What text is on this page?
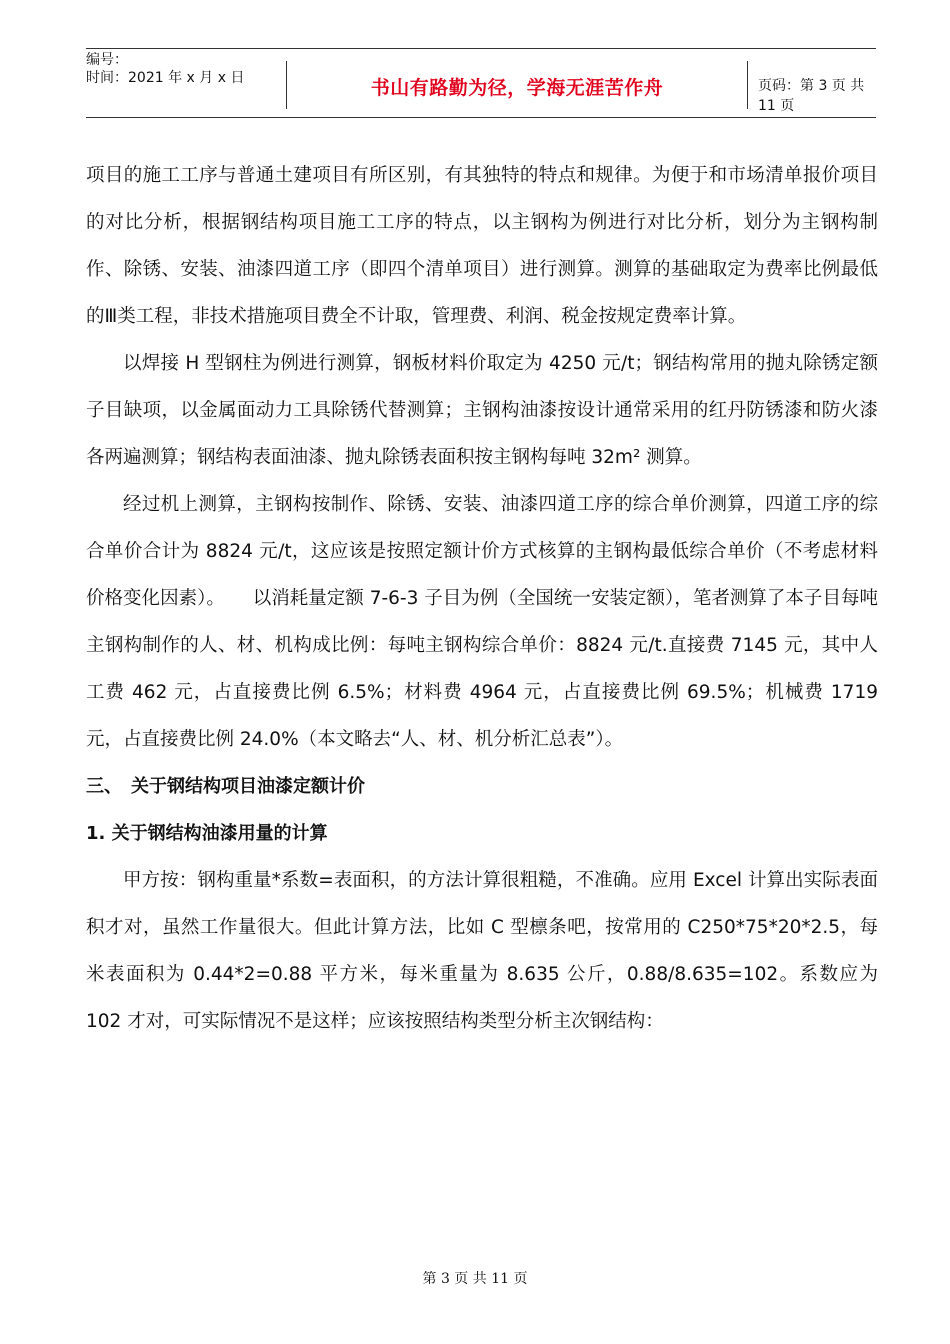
编号：
时间：2021 年 x 月 x 日	书山有路勤为径，学海无涯苦作舟	页码：第 3 页 共 11 页

项目的施工工序与普通土建项目有所区别，有其独特的特点和规律。为便于和市场清单报价项目的对比分析，根据钢结构项目施工工序的特点，以主钢构为例进行对比分析，划分为主钢构制作、除锈、安装、油漆四道工序（即四个清单项目）进行测算。测算的基础取定为费率比例最低的Ⅲ类工程，非技术措施项目费全不计取，管理费、利润、税金按规定费率计算。

以焊接 H 型钢柱为例进行测算，钢板材料价取定为 4250 元/t；钢结构常用的抛丸除锈定额子目缺项，以金属面动力工具除锈代替测算；主钢构油漆按设计通常采用的红丹防锈漆和防火漆各两遍测算；钢结构表面油漆、抛丸除锈表面积按主钢构每吨 32m² 测算。

经过机上测算，主钢构按制作、除锈、安装、油漆四道工序的综合单价测算，四道工序的综合单价合计为 8824 元/t，这应该是按照定额计价方式核算的主钢构最低综合单价（不考虑材料价格变化因素）。　　以消耗量定额 7-6-3 子目为例（全国统一安装定额），笔者测算了本子目每吨主钢构制作的人、材、机构成比例：每吨主钢构综合单价：8824 元/t.直接费 7145 元，其中人工费 462 元，占直接费比例 6.5%；材料费 4964 元，占直接费比例 69.5%；机械费 1719 元，占直接费比例 24.0%（本文略去“人、材、机分析汇总表”）。

三、　关于钢结构项目油漆定额计价

1. 关于钢结构油漆用量的计算

甲方按：钢构重量*系数=表面积，的方法计算很粗糙，不准确。应用 Excel 计算出实际表面积才对，虽然工作量很大。但此计算方法，比如 C 型檩条吧，按常用的 C250*75*20*2.5，每米表面积为 0.44*2=0.88 平方米，每米重量为 8.635 公斤，0.88/8.635=102。系数应为 102 才对，可实际情况不是这样；应该按照结构类型分析主次钢结构：

第 3 页 共 11 页
